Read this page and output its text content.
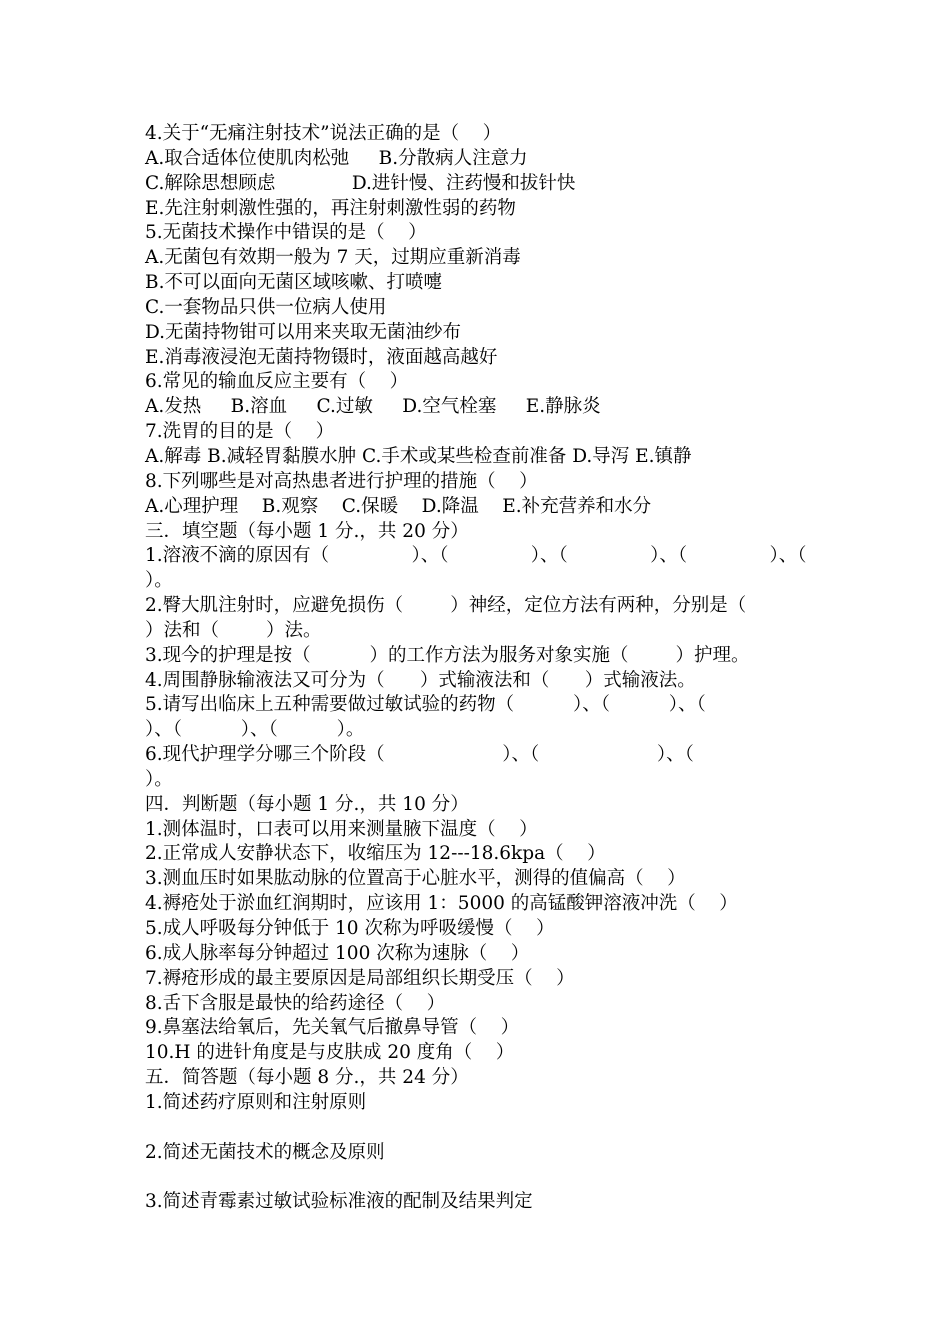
4.关于“无痛注射技术”说法正确的是（    ）
A.取合适体位使肌肉松弛     B.分散病人注意力
C.解除思想顾虑             D.进针慢、注药慢和拔针快
E.先注射刺激性强的，再注射刺激性弱的药物
5.无菌技术操作中错误的是（    ）
A.无菌包有效期一般为 7 天，过期应重新消毒
B.不可以面向无菌区域咳嗽、打喷嚏
C.一套物品只供一位病人使用
D.无菌持物钳可以用来夹取无菌油纱布
E.消毒液浸泡无菌持物镊时，液面越高越好
6.常见的输血反应主要有（    ）
A.发热     B.溶血     C.过敏     D.空气栓塞     E.静脉炎
7.洗胃的目的是（    ）
A.解毒 B.减轻胃黏膜水肿 C.手术或某些检查前准备 D.导泻 E.镇静
8.下列哪些是对高热患者进行护理的措施（    ）
A.心理护理    B.观察    C.保暖    D.降温    E.补充营养和水分
三．填空题（每小题 1 分.，共 20 分）
1.溶液不滴的原因有（              ）、（              ）、（              ）、（              ）、（
）。
2.臀大肌注射时，应避免损伤（        ）神经，定位方法有两种，分别是（
）法和（        ）法。
3.现今的护理是按（          ）的工作方法为服务对象实施（        ）护理。
4.周围静脉输液法又可分为（      ）式输液法和（      ）式输液法。
5.请写出临床上五种需要做过敏试验的药物（          ）、（          ）、（
）、（          ）、（          ）。
6.现代护理学分哪三个阶段（                    ）、（                    ）、（
）。
四．判断题（每小题 1 分.，共 10 分）
1.测体温时，口表可以用来测量腋下温度（    ）
2.正常成人安静状态下，收缩压为 12---18.6kpa（    ）
3.测血压时如果肱动脉的位置高于心脏水平，测得的值偏高（    ）
4.褥疮处于淤血红润期时，应该用 1：5000 的高锰酸钾溶液冲洗（    ）
5.成人呼吸每分钟低于 10 次称为呼吸缓慢（    ）
6.成人脉率每分钟超过 100 次称为速脉（    ）
7.褥疮形成的最主要原因是局部组织长期受压（    ）
8.舌下含服是最快的给药途径（    ）
9.鼻塞法给氧后，先关氧气后撤鼻导管（    ）
10.H 的进针角度是与皮肤成 20 度角（    ）
五．简答题（每小题 8 分.，共 24 分）
1.简述药疗原则和注射原则
2.简述无菌技术的概念及原则
3.简述青霉素过敏试验标准液的配制及结果判定
